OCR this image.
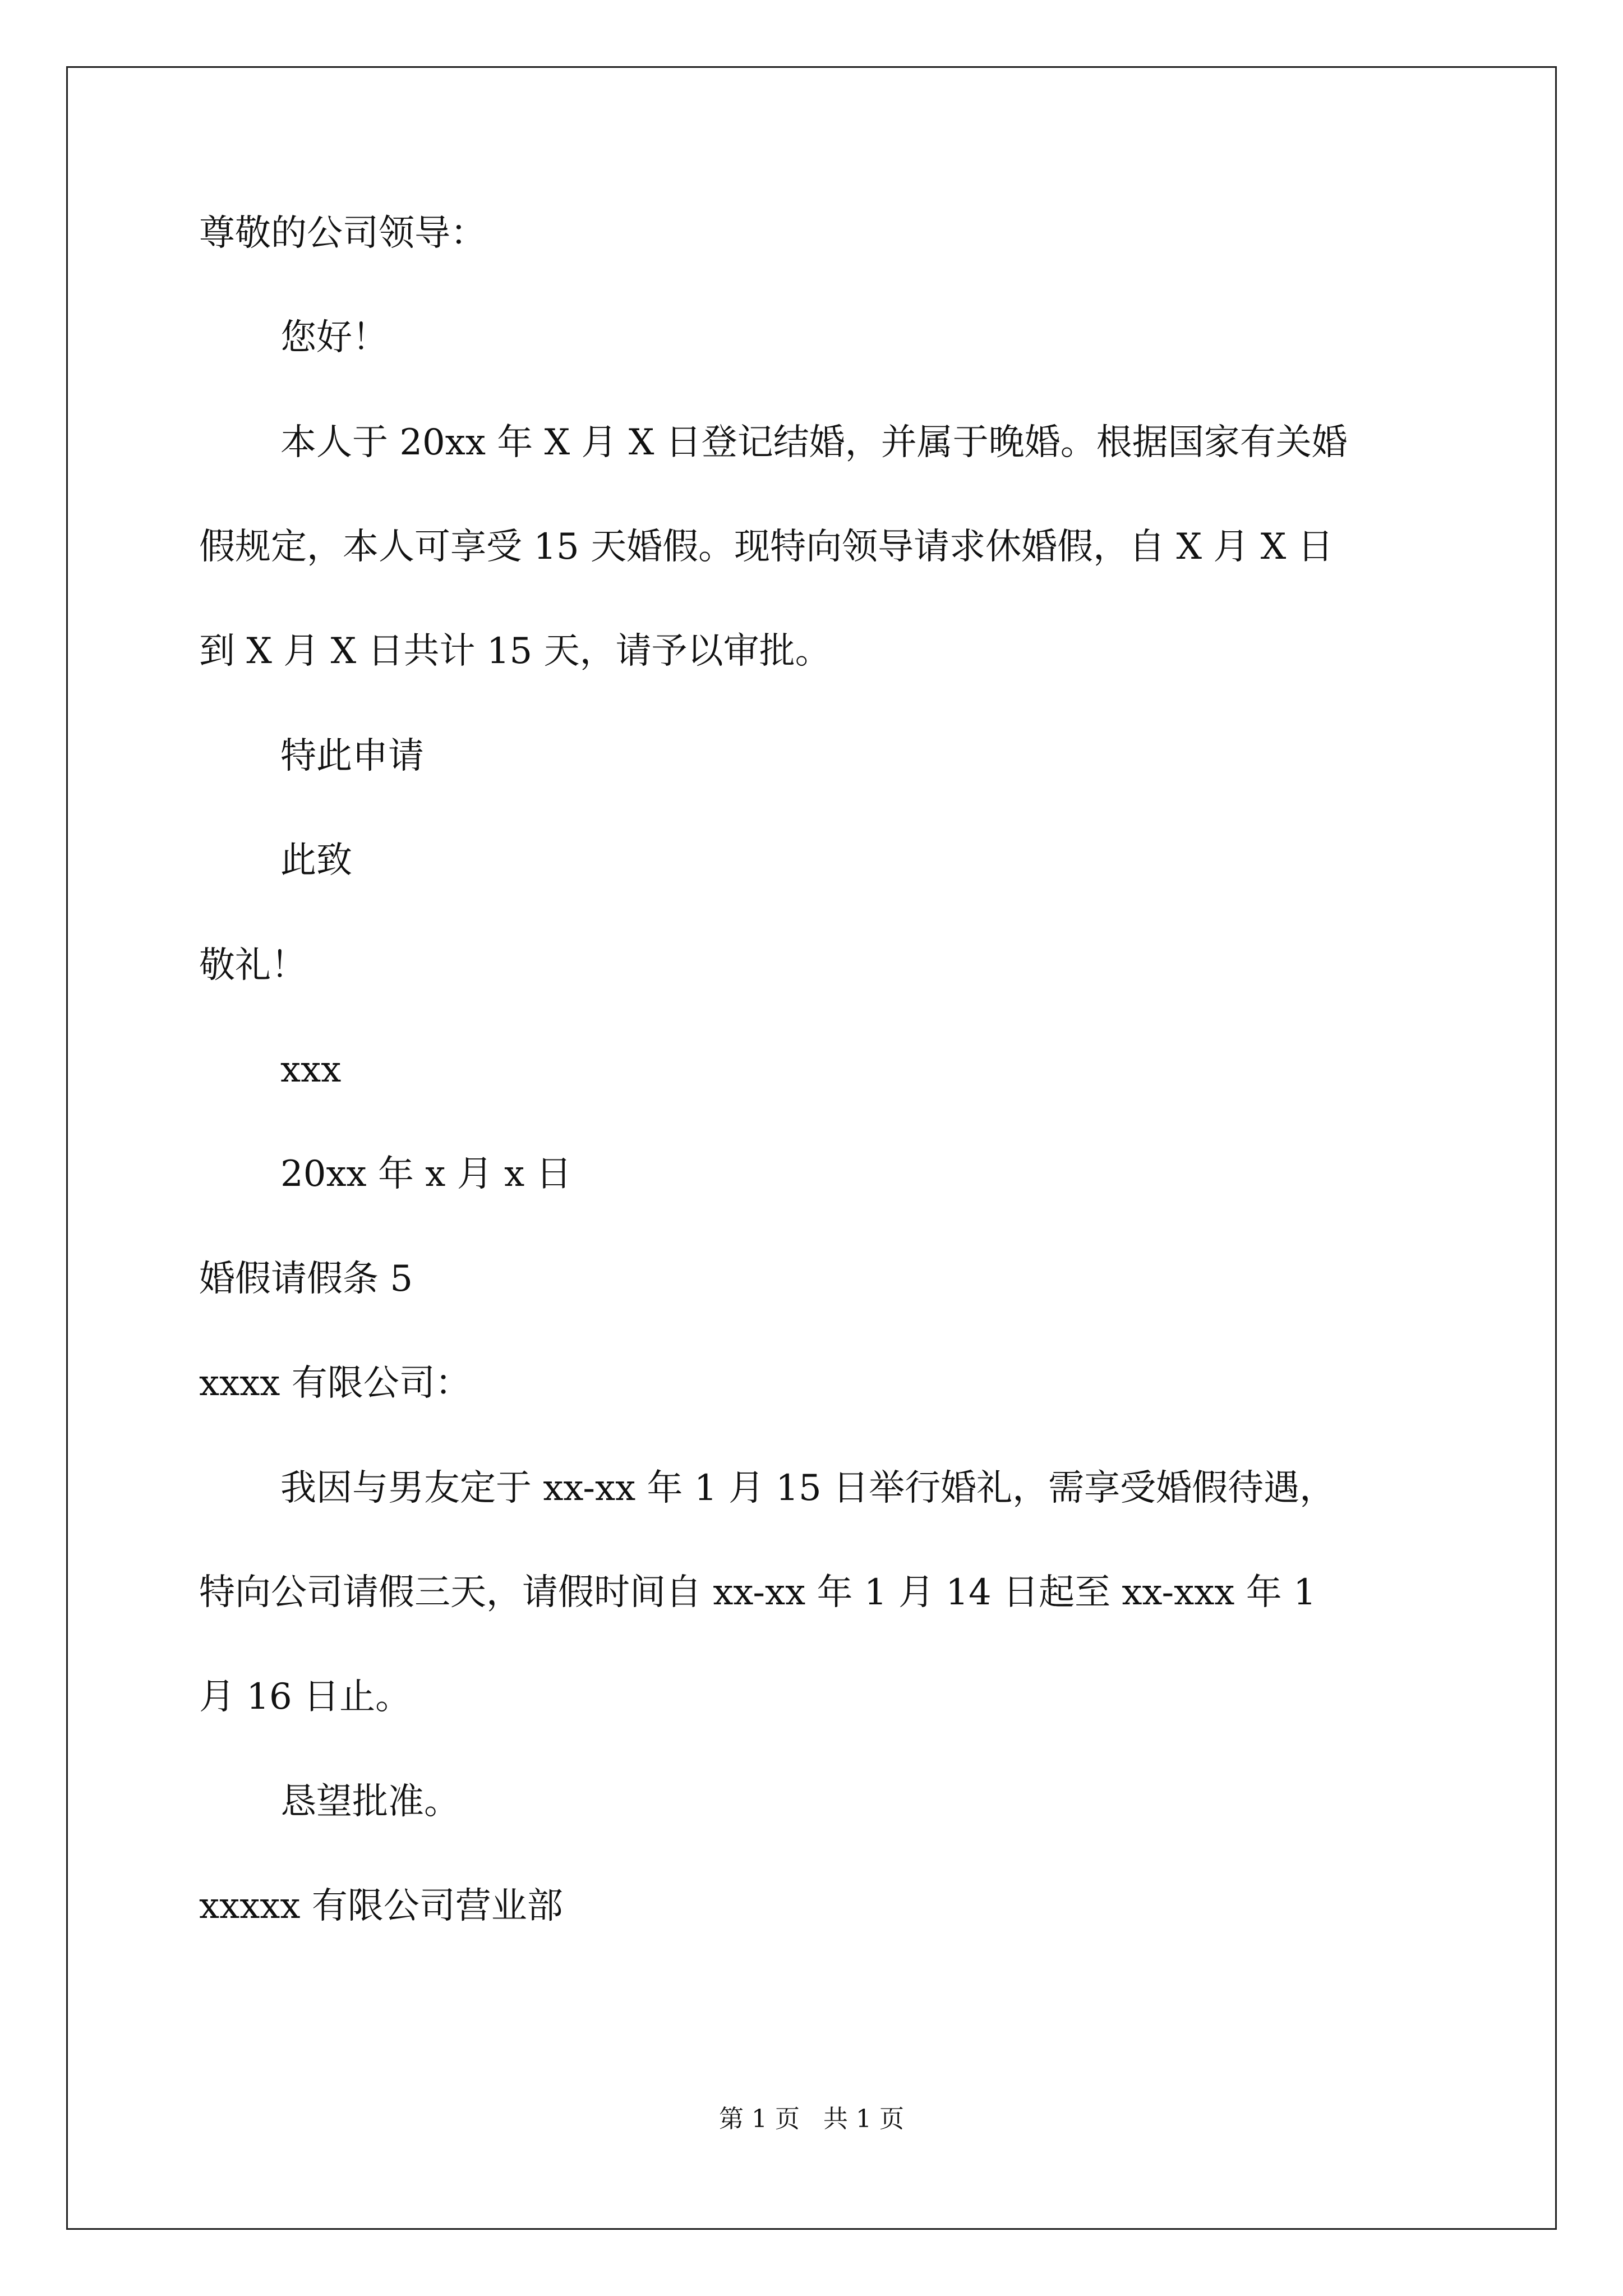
尊敬的公司领导：
您好！
本人于 20xx 年 X 月 X 日登记结婚，并属于晚婚。根据国家有关婚
假规定，本人可享受 15 天婚假。现特向领导请求休婚假，自 X 月 X 日
到 X 月 X 日共计 15 天，请予以审批。
特此申请
此致
敬礼！
xxx
20xx 年 x 月 x 日
婚假请假条 5
xxxx 有限公司：
我因与男友定于 xx-xx 年 1 月 15 日举行婚礼，需享受婚假待遇，
特向公司请假三天，请假时间自 xx-xx 年 1 月 14 日起至 xx-xxx 年 1
月 16 日止。
恳望批准。
xxxxx 有限公司营业部
第 1 页   共 1 页
